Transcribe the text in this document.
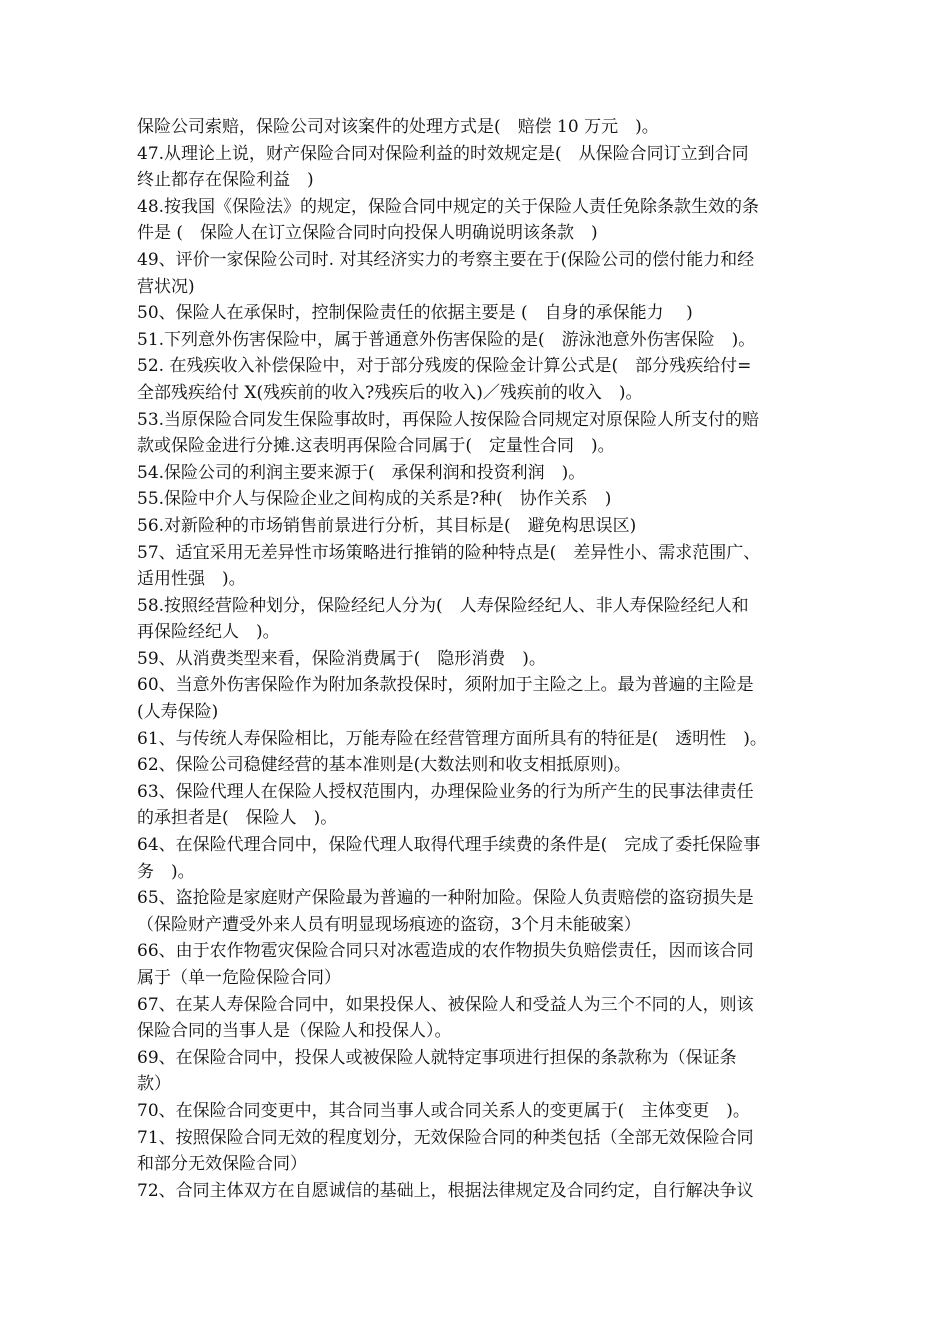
保险公司索赔，保险公司对该案件的处理方式是(　赔偿 10 万元　)。
47.从理论上说，财产保险合同对保险利益的时效规定是(　从保险合同订立到合同
终止都存在保险利益　)
48.按我国《保险法》的规定，保险合同中规定的关于保险人责任免除条款生效的条
件是 (　保险人在订立保险合同时向投保人明确说明该条款　)
49、评价一家保险公司时. 对其经济实力的考察主要在于(保险公司的偿付能力和经
营状况)
50、保险人在承保时，控制保险责任的依据主要是 (　自身的承保能力　 )
51.下列意外伤害保险中，属于普通意外伤害保险的是(　游泳池意外伤害保险　)。
52. 在残疾收入补偿保险中，对于部分残废的保险金计算公式是(　部分残疾给付=
全部残疾给付 X(残疾前的收入?残疾后的收入)／残疾前的收入　)。
53.当原保险合同发生保险事故时，再保险人按保险合同规定对原保险人所支付的赔
款或保险金进行分摊.这表明再保险合同属于(　定量性合同　)。
54.保险公司的利润主要来源于(　承保利润和投资利润　)。
55.保险中介人与保险企业之间构成的关系是?种(　协作关系　)
56.对新险种的市场销售前景进行分析，其目标是(　避免构思误区)
57、适宜采用无差异性市场策略进行推销的险种特点是(　差异性小、需求范围广、
适用性强　)。
58.按照经营险种划分，保险经纪人分为(　人寿保险经纪人、非人寿保险经纪人和
再保险经纪人　)。
59、从消费类型来看，保险消费属于(　隐形消费　)。
60、当意外伤害保险作为附加条款投保时，须附加于主险之上。最为普遍的主险是
(人寿保险)
61、与传统人寿保险相比，万能寿险在经营管理方面所具有的特征是(　透明性　)。
62、保险公司稳健经营的基本准则是(大数法则和收支相抵原则)。
63、保险代理人在保险人授权范围内，办理保险业务的行为所产生的民事法律责任
的承担者是(　保险人　)。
64、在保险代理合同中，保险代理人取得代理手续费的条件是(　完成了委托保险事
务　)。
65、盗抢险是家庭财产保险最为普遍的一种附加险。保险人负责赔偿的盗窃损失是
（保险财产遭受外来人员有明显现场痕迹的盗窃，3个月未能破案）
66、由于农作物雹灾保险合同只对冰雹造成的农作物损失负赔偿责任，因而该合同
属于（单一危险保险合同）
67、在某人寿保险合同中，如果投保人、被保险人和受益人为三个不同的人，则该
保险合同的当事人是（保险人和投保人）。
69、在保险合同中，投保人或被保险人就特定事项进行担保的条款称为（保证条
款）
70、在保险合同变更中，其合同当事人或合同关系人的变更属于(　主体变更　)。
71、按照保险合同无效的程度划分，无效保险合同的种类包括（全部无效保险合同
和部分无效保险合同）
72、合同主体双方在自愿诚信的基础上，根据法律规定及合同约定，自行解决争议
